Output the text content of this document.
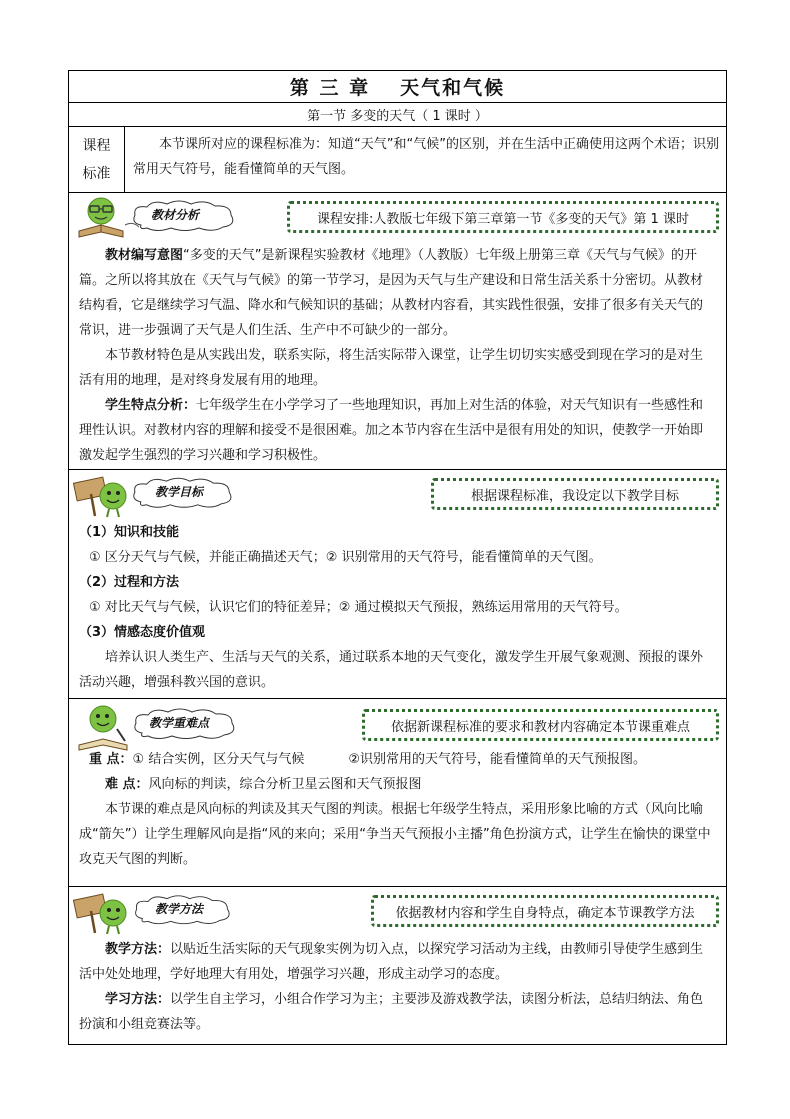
第 三 章 天气和气候
第一节 多变的天气（ 1 课时 ）
课程
标准
本节课所对应的课程标准为：知道“天气”和“气候”的区别，并在生活中正确使用这两个术语；识别常用天气符号，能看懂简单的天气图。
教材分析	课程安排:人教版七年级下第三章第一节《多变的天气》第 1 课时
教材编写意图“多变的天气”是新课程实验教材《地理》（人教版）七年级上册第三章《天气与气候》的开篇。之所以将其放在《天气与气候》的第一节学习，是因为天气与生产建设和日常生活关系十分密切。从教材结构看，它是继续学习气温、降水和气候知识的基础；从教材内容看，其实践性很强，安排了很多有关天气的常识，进一步强调了天气是人们生活、生产中不可缺少的一部分。
本节教材特色是从实践出发，联系实际，将生活实际带入课堂，让学生切切实实感受到现在学习的是对生活有用的地理，是对终身发展有用的地理。
学生特点分析：七年级学生在小学学习了一些地理知识，再加上对生活的体验，对天气知识有一些感性和理性认识。对教材内容的理解和接受不是很困难。加之本节内容在生活中是很有用处的知识，使教学一开始即激发起学生强烈的学习兴趣和学习积极性。
教学目标	根据课程标准，我设定以下教学目标
（1）知识和技能
① 区分天气与气候，并能正确描述天气；② 识别常用的天气符号，能看懂简单的天气图。
（2）过程和方法
① 对比天气与气候，认识它们的特征差异；② 通过模拟天气预报，熟练运用常用的天气符号。
（3）情感态度价值观
培养认识人类生产、生活与天气的关系，通过联系本地的天气变化，激发学生开展气象观测、预报的课外活动兴趣，增强科教兴国的意识。
教学重难点	依据新课程标准的要求和教材内容确定本节课重难点
重 点：① 结合实例，区分天气与气候	②识别常用的天气符号，能看懂简单的天气预报图。
难 点：风向标的判读，综合分析卫星云图和天气预报图
本节课的难点是风向标的判读及其天气图的判读。根据七年级学生特点，采用形象比喻的方式（风向比喻成“箭矢”）让学生理解风向是指“风的来向；采用“争当天气预报小主播”角色扮演方式，让学生在愉快的课堂中攻克天气图的判断。
教学方法	依据教材内容和学生自身特点，确定本节课教学方法
教学方法：以贴近生活实际的天气现象实例为切入点，以探究学习活动为主线，由教师引导使学生感到生活中处处地理，学好地理大有用处，增强学习兴趣，形成主动学习的态度。
学习方法：以学生自主学习，小组合作学习为主；主要涉及游戏教学法，读图分析法，总结归纳法、角色扮演和小组竞赛法等。
